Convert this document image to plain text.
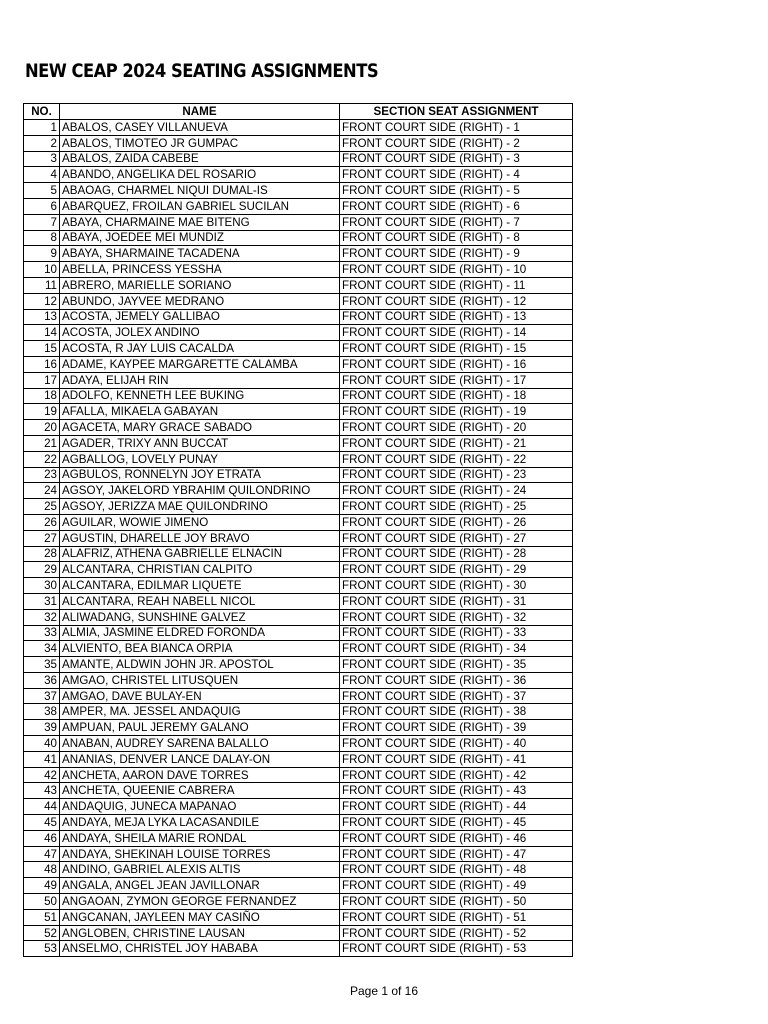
NEW CEAP 2024 SEATING ASSIGNMENTS
NO.	NAME	SECTION SEAT ASSIGNMENT
1	ABALOS, CASEY VILLANUEVA	FRONT COURT SIDE (RIGHT) - 1
2	ABALOS, TIMOTEO JR GUMPAC	FRONT COURT SIDE (RIGHT) - 2
3	ABALOS, ZAIDA CABEBE	FRONT COURT SIDE (RIGHT) - 3
4	ABANDO, ANGELIKA DEL ROSARIO	FRONT COURT SIDE (RIGHT) - 4
5	ABAOAG, CHARMEL NIQUI DUMAL-IS	FRONT COURT SIDE (RIGHT) - 5
6	ABARQUEZ, FROILAN GABRIEL SUCILAN	FRONT COURT SIDE (RIGHT) - 6
7	ABAYA, CHARMAINE MAE BITENG	FRONT COURT SIDE (RIGHT) - 7
8	ABAYA, JOEDEE MEI MUNDIZ	FRONT COURT SIDE (RIGHT) - 8
9	ABAYA, SHARMAINE TACADENA	FRONT COURT SIDE (RIGHT) - 9
10	ABELLA, PRINCESS YESSHA	FRONT COURT SIDE (RIGHT) - 10
11	ABRERO, MARIELLE SORIANO	FRONT COURT SIDE (RIGHT) - 11
12	ABUNDO, JAYVEE MEDRANO	FRONT COURT SIDE (RIGHT) - 12
13	ACOSTA, JEMELY GALLIBAO	FRONT COURT SIDE (RIGHT) - 13
14	ACOSTA, JOLEX ANDINO	FRONT COURT SIDE (RIGHT) - 14
15	ACOSTA, R JAY LUIS CACALDA	FRONT COURT SIDE (RIGHT) - 15
16	ADAME, KAYPEE MARGARETTE CALAMBA	FRONT COURT SIDE (RIGHT) - 16
17	ADAYA, ELIJAH RIN	FRONT COURT SIDE (RIGHT) - 17
18	ADOLFO, KENNETH LEE BUKING	FRONT COURT SIDE (RIGHT) - 18
19	AFALLA, MIKAELA GABAYAN	FRONT COURT SIDE (RIGHT) - 19
20	AGACETA, MARY GRACE SABADO	FRONT COURT SIDE (RIGHT) - 20
21	AGADER, TRIXY ANN BUCCAT	FRONT COURT SIDE (RIGHT) - 21
22	AGBALLOG, LOVELY PUNAY	FRONT COURT SIDE (RIGHT) - 22
23	AGBULOS, RONNELYN JOY ETRATA	FRONT COURT SIDE (RIGHT) - 23
24	AGSOY, JAKELORD YBRAHIM QUILONDRINO	FRONT COURT SIDE (RIGHT) - 24
25	AGSOY, JERIZZA MAE QUILONDRINO	FRONT COURT SIDE (RIGHT) - 25
26	AGUILAR, WOWIE JIMENO	FRONT COURT SIDE (RIGHT) - 26
27	AGUSTIN, DHARELLE JOY BRAVO	FRONT COURT SIDE (RIGHT) - 27
28	ALAFRIZ, ATHENA GABRIELLE ELNACIN	FRONT COURT SIDE (RIGHT) - 28
29	ALCANTARA, CHRISTIAN CALPITO	FRONT COURT SIDE (RIGHT) - 29
30	ALCANTARA, EDILMAR LIQUETE	FRONT COURT SIDE (RIGHT) - 30
31	ALCANTARA, REAH NABELL NICOL	FRONT COURT SIDE (RIGHT) - 31
32	ALIWADANG, SUNSHINE GALVEZ	FRONT COURT SIDE (RIGHT) - 32
33	ALMIA, JASMINE ELDRED FORONDA	FRONT COURT SIDE (RIGHT) - 33
34	ALVIENTO, BEA BIANCA ORPIA	FRONT COURT SIDE (RIGHT) - 34
35	AMANTE, ALDWIN JOHN JR. APOSTOL	FRONT COURT SIDE (RIGHT) - 35
36	AMGAO, CHRISTEL LITUSQUEN	FRONT COURT SIDE (RIGHT) - 36
37	AMGAO, DAVE BULAY-EN	FRONT COURT SIDE (RIGHT) - 37
38	AMPER, MA. JESSEL ANDAQUIG	FRONT COURT SIDE (RIGHT) - 38
39	AMPUAN, PAUL JEREMY GALANO	FRONT COURT SIDE (RIGHT) - 39
40	ANABAN, AUDREY SARENA BALALLO	FRONT COURT SIDE (RIGHT) - 40
41	ANANIAS, DENVER LANCE DALAY-ON	FRONT COURT SIDE (RIGHT) - 41
42	ANCHETA, AARON DAVE TORRES	FRONT COURT SIDE (RIGHT) - 42
43	ANCHETA, QUEENIE CABRERA	FRONT COURT SIDE (RIGHT) - 43
44	ANDAQUIG, JUNECA MAPANAO	FRONT COURT SIDE (RIGHT) - 44
45	ANDAYA, MEJA LYKA LACASANDILE	FRONT COURT SIDE (RIGHT) - 45
46	ANDAYA, SHEILA MARIE RONDAL	FRONT COURT SIDE (RIGHT) - 46
47	ANDAYA, SHEKINAH LOUISE TORRES	FRONT COURT SIDE (RIGHT) - 47
48	ANDINO, GABRIEL ALEXIS ALTIS	FRONT COURT SIDE (RIGHT) - 48
49	ANGALA, ANGEL JEAN JAVILLONAR	FRONT COURT SIDE (RIGHT) - 49
50	ANGAOAN, ZYMON GEORGE FERNANDEZ	FRONT COURT SIDE (RIGHT) - 50
51	ANGCANAN, JAYLEEN MAY CASIÑO	FRONT COURT SIDE (RIGHT) - 51
52	ANGLOBEN, CHRISTINE LAUSAN	FRONT COURT SIDE (RIGHT) - 52
53	ANSELMO, CHRISTEL JOY HABABA	FRONT COURT SIDE (RIGHT) - 53
Page 1 of 16
